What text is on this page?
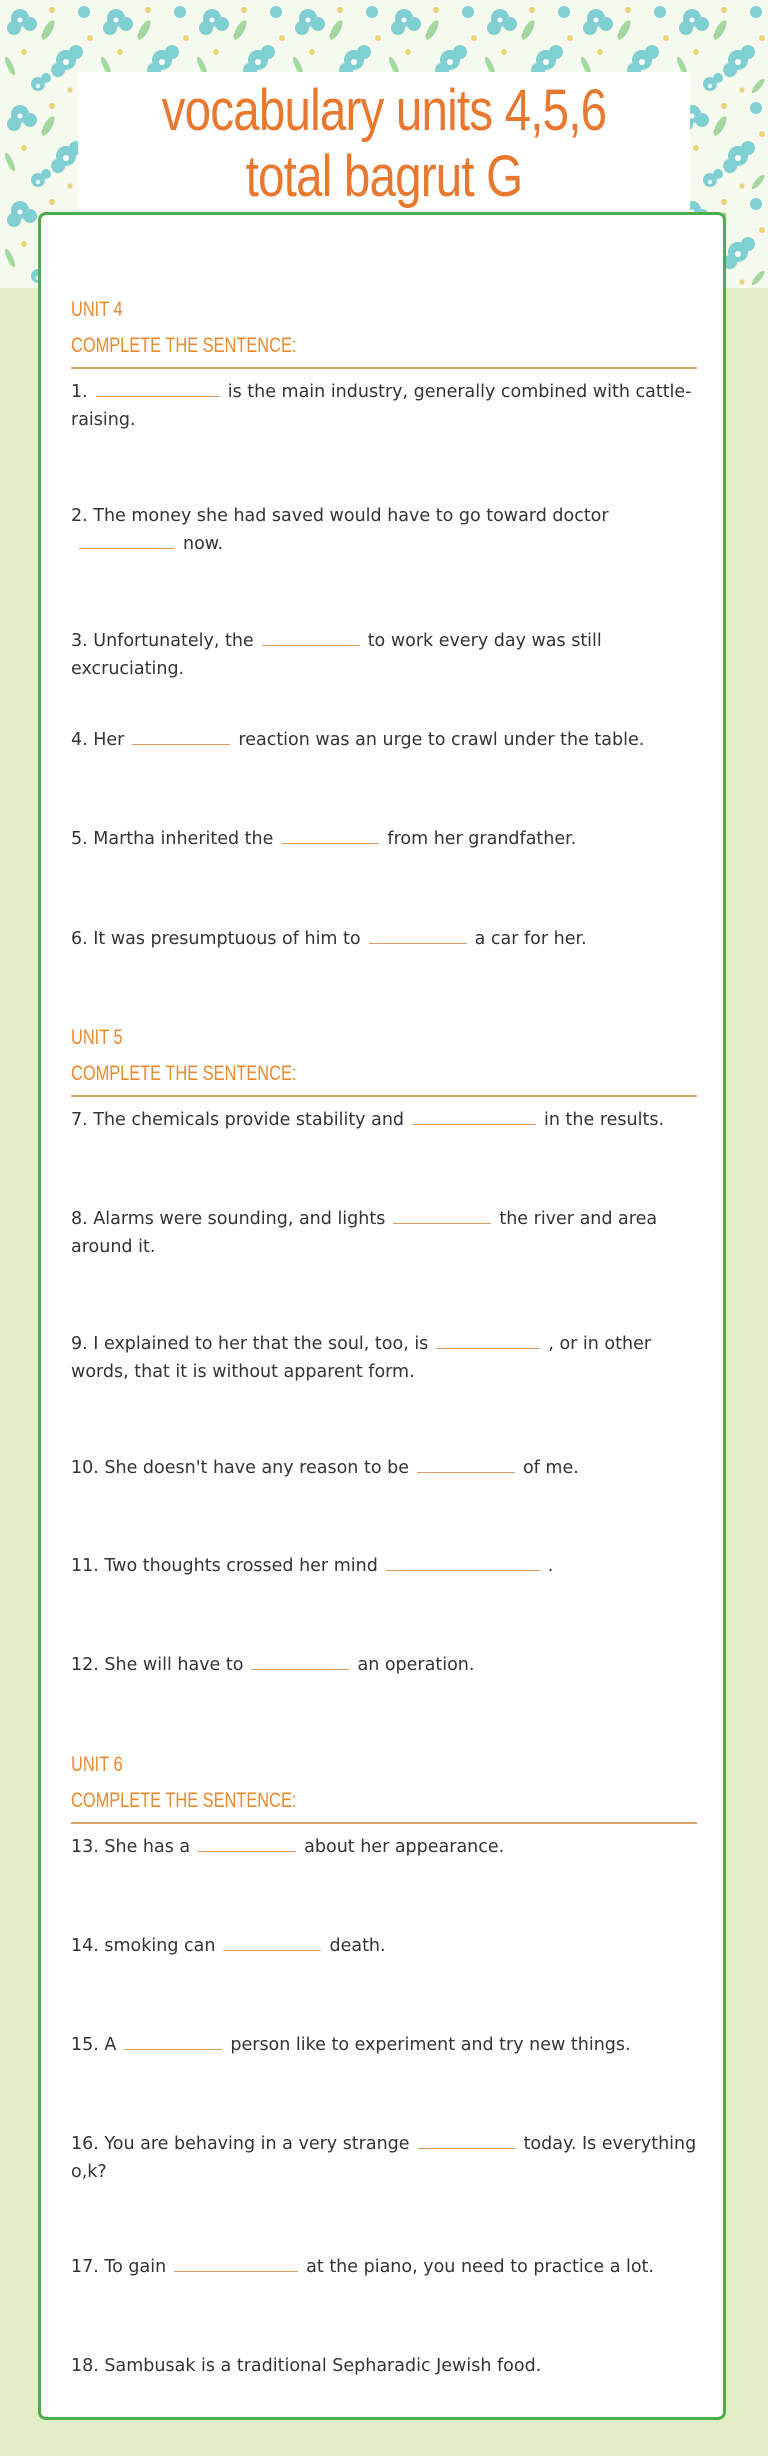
vocabulary units 4,5,6 total bagrut G
UNIT 4
COMPLETE THE SENTENCE:
1.	is the main industry, generally combined with cattle-raising.
2. The money she had saved would have to go toward doctornow.
3. Unfortunately, the	to work every day was still excruciating.
4. Her	reaction was an urge to crawl under the table.
5. Martha inherited the	from her grandfather.
6. It was presumptuous of him to	a car for her.
UNIT 5
COMPLETE THE SENTENCE:
7. The chemicals provide stability and	in the results.
8. Alarms were sounding, and lights	the river and area around it.
9. I explained to her that the soul, too, is	, or in other words, that it is without apparent form.
10. She doesn't have any reason to be	of me.
11. Two thoughts crossed her mind	.
12. She will have to	an operation.
UNIT 6
COMPLETE THE SENTENCE:
13. She has a	about her appearance.
14. smoking can	death.
15. A	person like to experiment and try new things.
16. You are behaving in a very strange	today. Is everything o,k?
17. To gain	at the piano, you need to practice a lot.
18. Sambusak is a traditional Sepharadic Jewish food.
